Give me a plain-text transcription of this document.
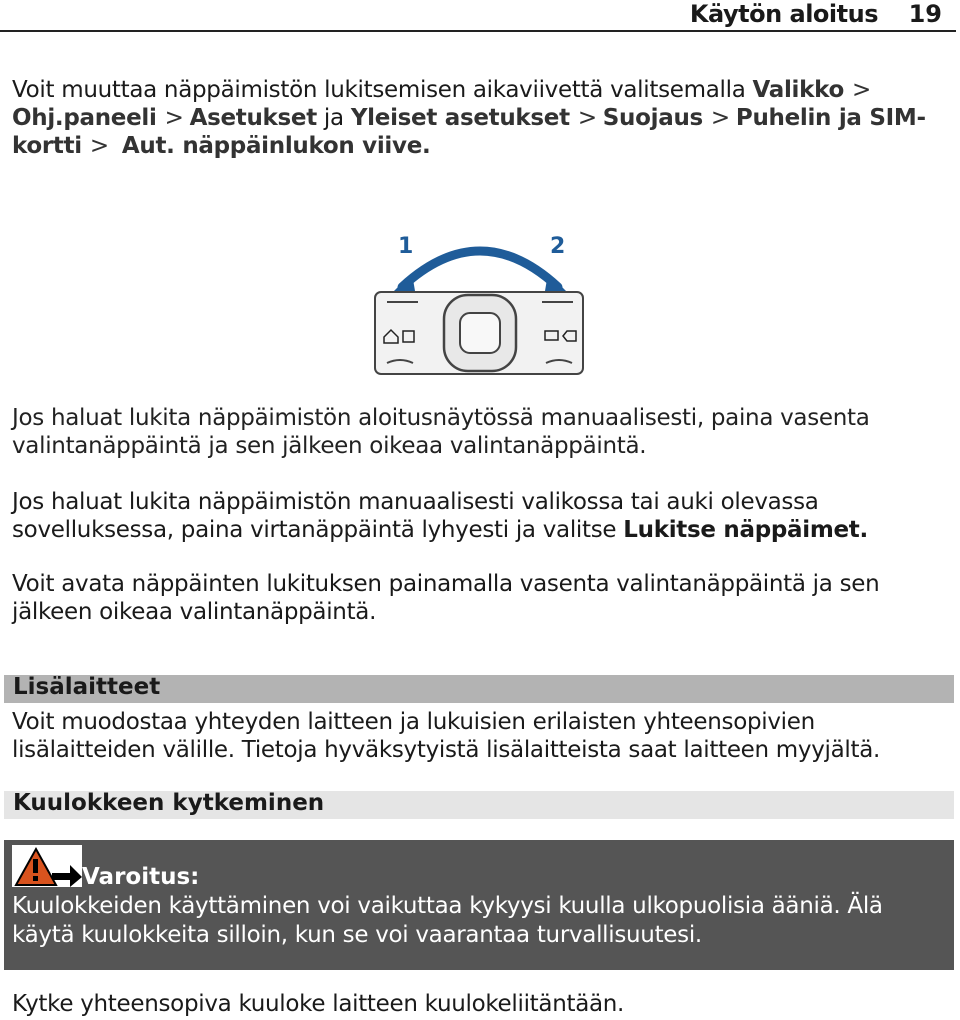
Käytön aloitus 19
Voit muuttaa näppäimistön lukitsemisen aikaviivettä valitsemalla Valikko > Ohj.paneeli > Asetukset ja Yleiset asetukset > Suojaus > Puhelin ja SIM-kortti > Aut. näppäinlukon viive.
1	2
Jos haluat lukita näppäimistön aloitusnäytössä manuaalisesti, paina vasenta valintanäppäintä ja sen jälkeen oikeaa valintanäppäintä.
Jos haluat lukita näppäimistön manuaalisesti valikossa tai auki olevassa sovelluksessa, paina virtanäppäintä lyhyesti ja valitse Lukitse näppäimet.
Voit avata näppäinten lukituksen painamalla vasenta valintanäppäintä ja sen jälkeen oikeaa valintanäppäintä.
Lisälaitteet
Voit muodostaa yhteyden laitteen ja lukuisien erilaisten yhteensopivien lisälaitteiden välille. Tietoja hyväksytyistä lisälaitteista saat laitteen myyjältä.
Kuulokkeen kytkeminen
Varoitus:
Kuulokkeiden käyttäminen voi vaikuttaa kykyysi kuulla ulkopuolisia ääniä. Älä käytä kuulokkeita silloin, kun se voi vaarantaa turvallisuutesi.
Kytke yhteensopiva kuuloke laitteen kuulokeliitäntään.
